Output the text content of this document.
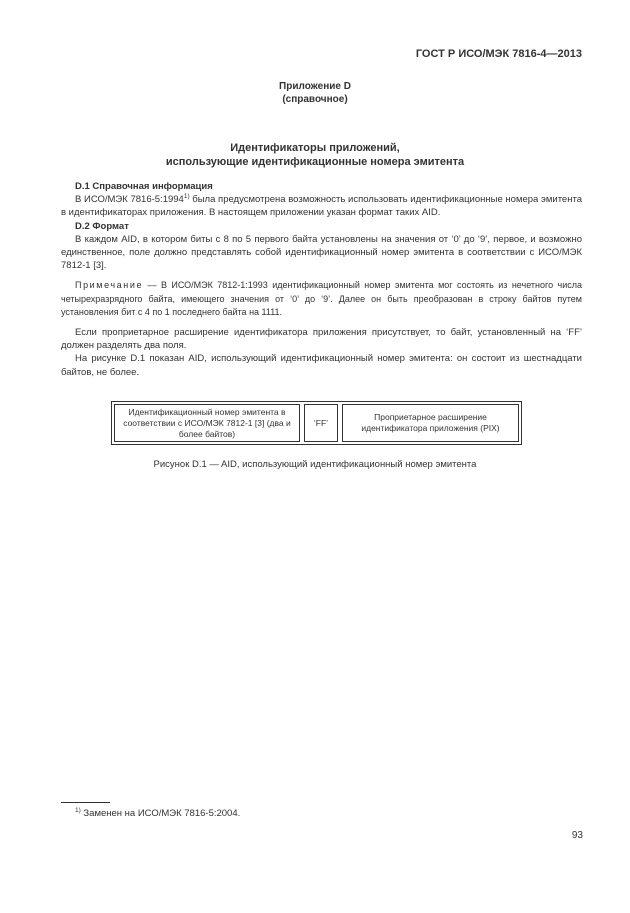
ГОСТ Р ИСО/МЭК 7816-4—2013
Приложение D
(справочное)
Идентификаторы приложений,
использующие идентификационные номера эмитента

D.1 Справочная информация

В ИСО/МЭК 7816-5:1994$^{1)}$ была предусмотрена возможность использовать идентификационные номера эмитента в идентификаторах приложения. В настоящем приложении указан формат таких AID.

D.2 Формат

В каждом AID, в котором биты с 8 по 5 первого байта установлены на значения от ‘0’ до ‘9’, первое, и возможно единственное, поле должно представлять собой идентификационный номер эмитента в соответствии с ИСО/МЭК 7812-1 [3].

Примечание — В ИСО/МЭК 7812-1:1993 идентификационный номер эмитента мог состоять из нечетного числа четырехразрядного байта, имеющего значения от ‘0’ до ‘9’. Далее он быть преобразован в строку байтов путем установления бит с 4 по 1 последнего байта на 1111.

Если проприетарное расширение идентификатора приложения присутствует, то байт, установленный на ‘FF’ должен разделять два поля.

На рисунке D.1 показан AID, использующий идентификационный номер эмитента: он состоит из шестнадцати байтов, не более.

Идентификационный номер эмитента в соответствии с ИСО/МЭК 7812-1 [3] (два и более байтов)
‘FF’
Проприетарное расширение идентификатора приложения (PIX)
Рисунок D.1 — AID, использующий идентификационный номер эмитента
$^{1)}$ Заменен на ИСО/МЭК 7816-5:2004.
93
